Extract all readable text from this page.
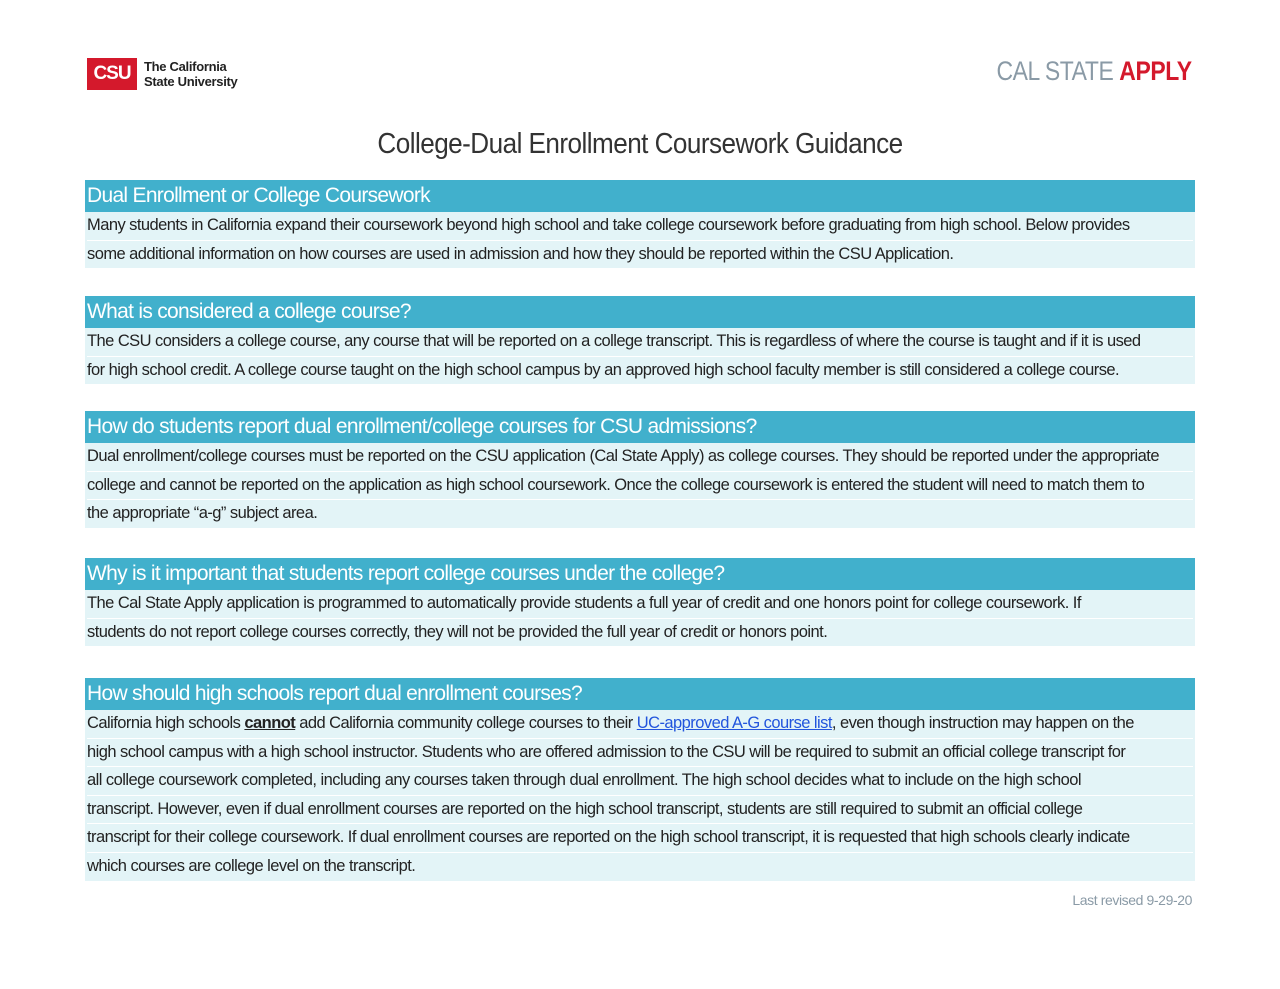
CSU	The California
State University	CAL STATE APPLY
College-Dual Enrollment Coursework Guidance
Dual Enrollment or College Coursework
Many students in California expand their coursework beyond high school and take college coursework before graduating from high school. Below provides
some additional information on how courses are used in admission and how they should be reported within the CSU Application.
What is considered a college course?
The CSU considers a college course, any course that will be reported on a college transcript. This is regardless of where the course is taught and if it is used
for high school credit. A college course taught on the high school campus by an approved high school faculty member is still considered a college course.
How do students report dual enrollment/college courses for CSU admissions?
Dual enrollment/college courses must be reported on the CSU application (Cal State Apply) as college courses. They should be reported under the appropriate
college and cannot be reported on the application as high school coursework. Once the college coursework is entered the student will need to match them to
the appropriate “a-g” subject area.
Why is it important that students report college courses under the college?
The Cal State Apply application is programmed to automatically provide students a full year of credit and one honors point for college coursework. If
students do not report college courses correctly, they will not be provided the full year of credit or honors point.
How should high schools report dual enrollment courses?
California high schools cannot add California community college courses to their UC-approved A-G course list, even though instruction may happen on the
high school campus with a high school instructor. Students who are offered admission to the CSU will be required to submit an official college transcript for
all college coursework completed, including any courses taken through dual enrollment. The high school decides what to include on the high school
transcript. However, even if dual enrollment courses are reported on the high school transcript, students are still required to submit an official college
transcript for their college coursework. If dual enrollment courses are reported on the high school transcript, it is requested that high schools clearly indicate
which courses are college level on the transcript.
Last revised 9-29-20
